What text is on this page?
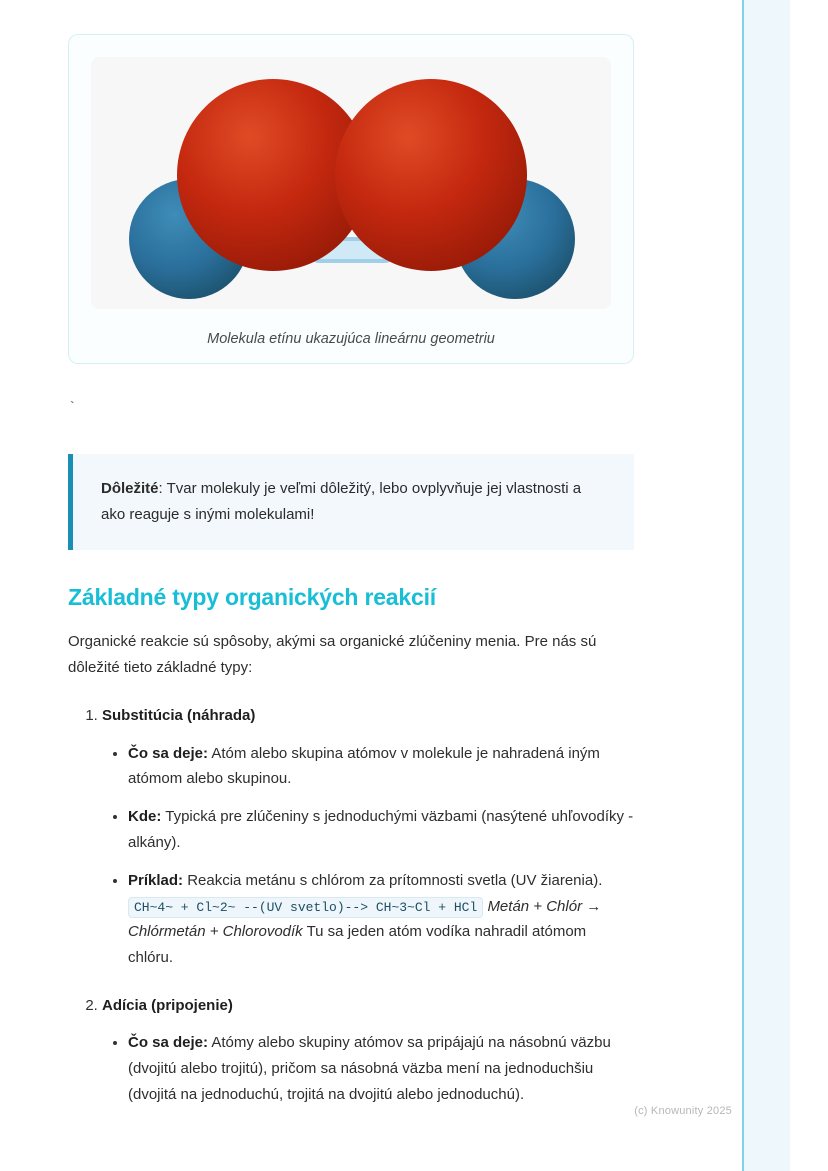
Molekula etínu ukazujúca lineárnu geometriu
`
Dôležité: Tvar molekuly je veľmi dôležitý, lebo ovplyvňuje jej vlastnosti a ako reaguje s inými molekulami!
Základné typy organických reakcií

Organické reakcie sú spôsoby, akými sa organické zlúčeniny menia. Pre nás sú dôležité tieto základné typy:

1. Substitúcia (náhrada)
• Čo sa deje: Atóm alebo skupina atómov v molekule je nahradená iným atómom alebo skupinou.
• Kde: Typická pre zlúčeniny s jednoduchými väzbami (nasýtené uhľovodíky - alkány).
• Príklad: Reakcia metánu s chlórom za prítomnosti svetla (UV žiarenia). CH~4~ + Cl~2~ --(UV svetlo)--> CH~3~Cl + HCl Metán + Chlór → Chlórmetán + Chlorovodík Tu sa jeden atóm vodíka nahradil atómom chlóru.
2. Adícia (pripojenie)
• Čo sa deje: Atómy alebo skupiny atómov sa pripájajú na násobnú väzbu (dvojitú alebo trojitú), pričom sa násobná väzba mení na jednoduchšiu (dvojitá na jednoduchú, trojitá na dvojitú alebo jednoduchú).
(c) Knowunity 2025
